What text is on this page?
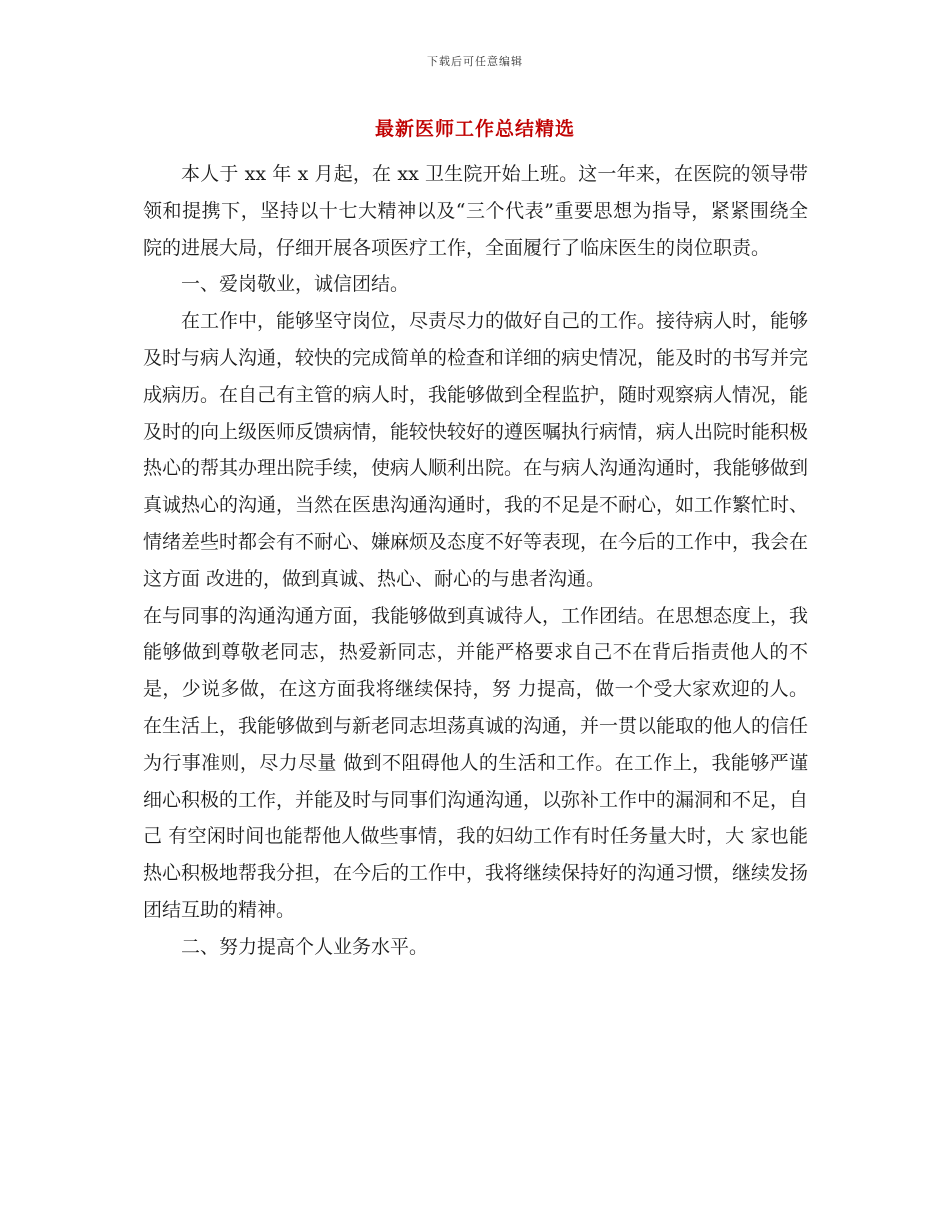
下载后可任意编辑
最新医师工作总结精选

本人于 xx 年 x 月起，在 xx 卫生院开始上班。这一年来，在医院的领导带领和提携下，坚持以十七大精神以及“三个代表”重要思想为指导，紧紧围绕全院的进展大局，仔细开展各项医疗工作，全面履行了临床医生的岗位职责。

一、爱岗敬业，诚信团结。

在工作中，能够坚守岗位，尽责尽力的做好自己的工作。接待病人时，能够及时与病人沟通，较快的完成简单的检查和详细的病史情况，能及时的书写并完成病历。在自己有主管的病人时，我能够做到全程监护，随时观察病人情况，能及时的向上级医师反馈病情，能较快较好的遵医嘱执行病情，病人出院时能积极热心的帮其办理出院手续，使病人顺利出院。在与病人沟通沟通时，我能够做到真诚热心的沟通，当然在医患沟通沟通时，我的不足是不耐心，如工作繁忙时、情绪差些时都会有不耐心、嫌麻烦及态度不好等表现，在今后的工作中，我会在这方面 改进的，做到真诚、热心、耐心的与患者沟通。

在与同事的沟通沟通方面，我能够做到真诚待人，工作团结。在思想态度上，我能够做到尊敬老同志，热爱新同志，并能严格要求自己不在背后指责他人的不是，少说多做，在这方面我将继续保持，努 力提高，做一个受大家欢迎的人。在生活上，我能够做到与新老同志坦荡真诚的沟通，并一贯以能取的他人的信任为行事准则，尽力尽量 做到不阻碍他人的生活和工作。在工作上，我能够严谨细心积极的工作，并能及时与同事们沟通沟通，以弥补工作中的漏洞和不足，自己 有空闲时间也能帮他人做些事情，我的妇幼工作有时任务量大时，大 家也能热心积极地帮我分担，在今后的工作中，我将继续保持好的沟通习惯，继续发扬团结互助的精神。

二、努力提高个人业务水平。
